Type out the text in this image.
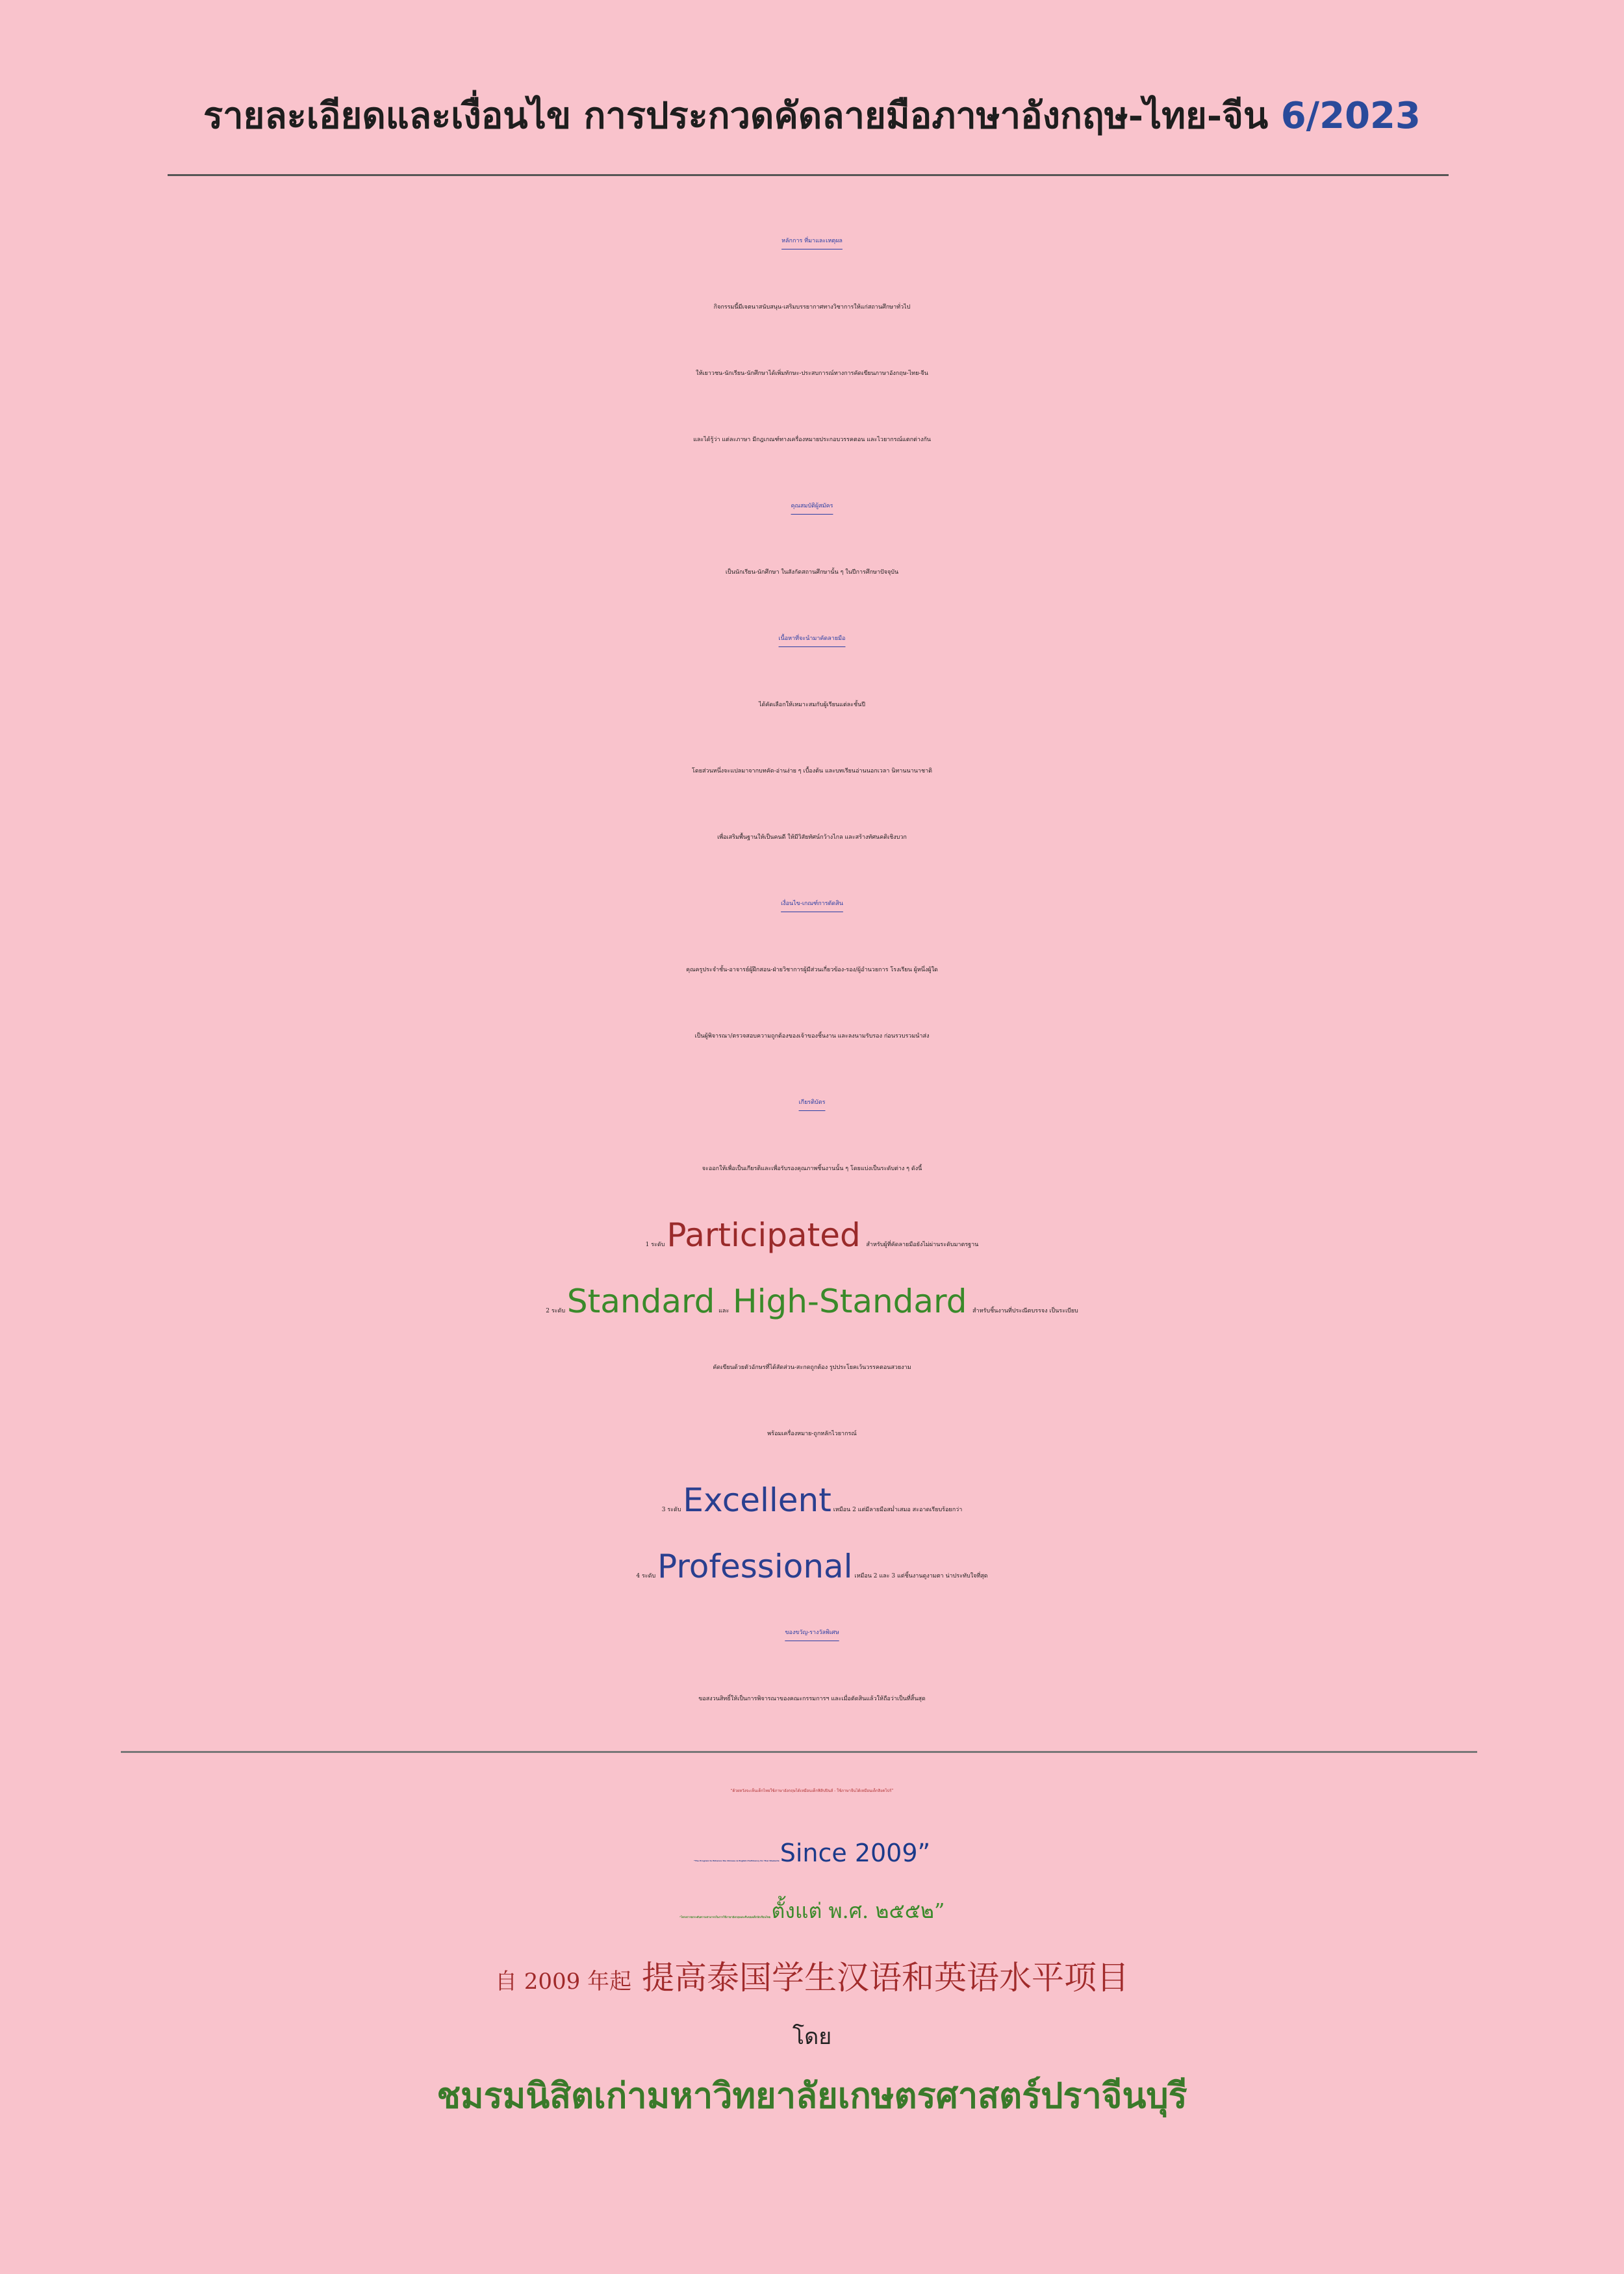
รายละเอียดและเงื่อนไข การประกวดคัดลายมือภาษาอังกฤษ-ไทย-จีน 6/2023
หลักการ ที่มาและเหตุผล
กิจกรรมนี้มีเจตนาสนับสนุน-เสริมบรรยากาศทางวิชาการให้แก่สถานศึกษาทั่วไป
ให้เยาวชน-นักเรียน-นักศึกษาได้เพิ่มทักษะ-ประสบการณ์ทางการคัดเขียนภาษาอังกฤษ-ไทย-จีน
และได้รู้ว่า แต่ละภาษา มีกฎเกณฑ์ทางเครื่องหมายประกอบวรรคตอน และไวยากรณ์แตกต่างกัน
คุณสมบัติผู้สมัคร
เป็นนักเรียน-นักศึกษา ในสังกัดสถานศึกษานั้น ๆ ในปีการศึกษาปัจจุบัน
เนื้อหาที่จะนำมาคัดลายมือ
ได้คัดเลือกให้เหมาะสมกับผู้เรียนแต่ละชั้นปี
โดยส่วนหนึ่งจะแปลมาจากบทคัด-อ่านง่าย ๆ เบื้องต้น และบทเรียนอ่านนอกเวลา นิทานนานาชาติ
เพื่อเสริมพื้นฐานให้เป็นคนดี ให้มีวิสัยทัศน์กว้างไกล และสร้างทัศนคติเชิงบวก
เงื่อนไข-เกณฑ์การตัดสิน
คุณครูประจำชั้น-อาจารย์ผู้ฝึกสอน-ฝ่ายวิชาการผู้มีส่วนเกี่ยวข้อง-รอง/ผู้อำนวยการ โรงเรียน ผู้หนึ่งผู้ใด
เป็นผู้พิจารณา/ตรวจสอบความถูกต้องของเจ้าของชิ้นงาน และลงนามรับรอง ก่อนรวบรวมนำส่ง
เกียรติบัตร
จะออกให้เพื่อเป็นเกียรติและเพื่อรับรองคุณภาพชิ้นงานนั้น ๆ โดยแบ่งเป็นระดับต่าง ๆ ดังนี้
1 ระดับ Participated สำหรับผู้ที่คัดลายมือยังไม่ผ่านระดับมาตรฐาน
2 ระดับ Standard และ High-Standard สำหรับชิ้นงานที่ประณีตบรรจง เป็นระเบียบ
คัดเขียนด้วยตัวอักษรที่ได้สัดส่วน-สะกดถูกต้อง รูปประโยคเว้นวรรคตอนสวยงาม
พร้อมเครื่องหมาย-ถูกหลักไวยากรณ์
3 ระดับ Excellent เหมือน 2 แต่มีลายมือสม่ำเสมอ สะอาดเรียบร้อยกว่า
4 ระดับ Professional เหมือน 2 และ 3 แต่ชิ้นงานดูงามตา น่าประทับใจที่สุด
ของขวัญ-รางวัลพิเศษ
ขอสงวนสิทธิ์ให้เป็นการพิจารณาของคณะกรรมการฯ และเมื่อตัดสินแล้วให้ถือว่าเป็นที่สิ้นสุด
“ด้วยหวังจะเห็นเด็กไทยใช้ภาษาอังกฤษได้เหมือนเด็กฟิลิปปินส์ - ใช้ภาษาจีนได้เหมือนเด็กสิงคโปร์”
“The Program to Enhance the Chinese & English Proficiency for Thai Students Since 2009”
“โครงการยกระดับความสามารถในการใช้ภาษาอังกฤษและจีนของเด็กนักเรียนไทย ตั้งแต่ พ.ศ. ๒๕๕๒”
自 2009 年起 提高泰国学生汉语和英语水平项目
โดย
ชมรมนิสิตเก่ามหาวิทยาลัยเกษตรศาสตร์ปราจีนบุรี
